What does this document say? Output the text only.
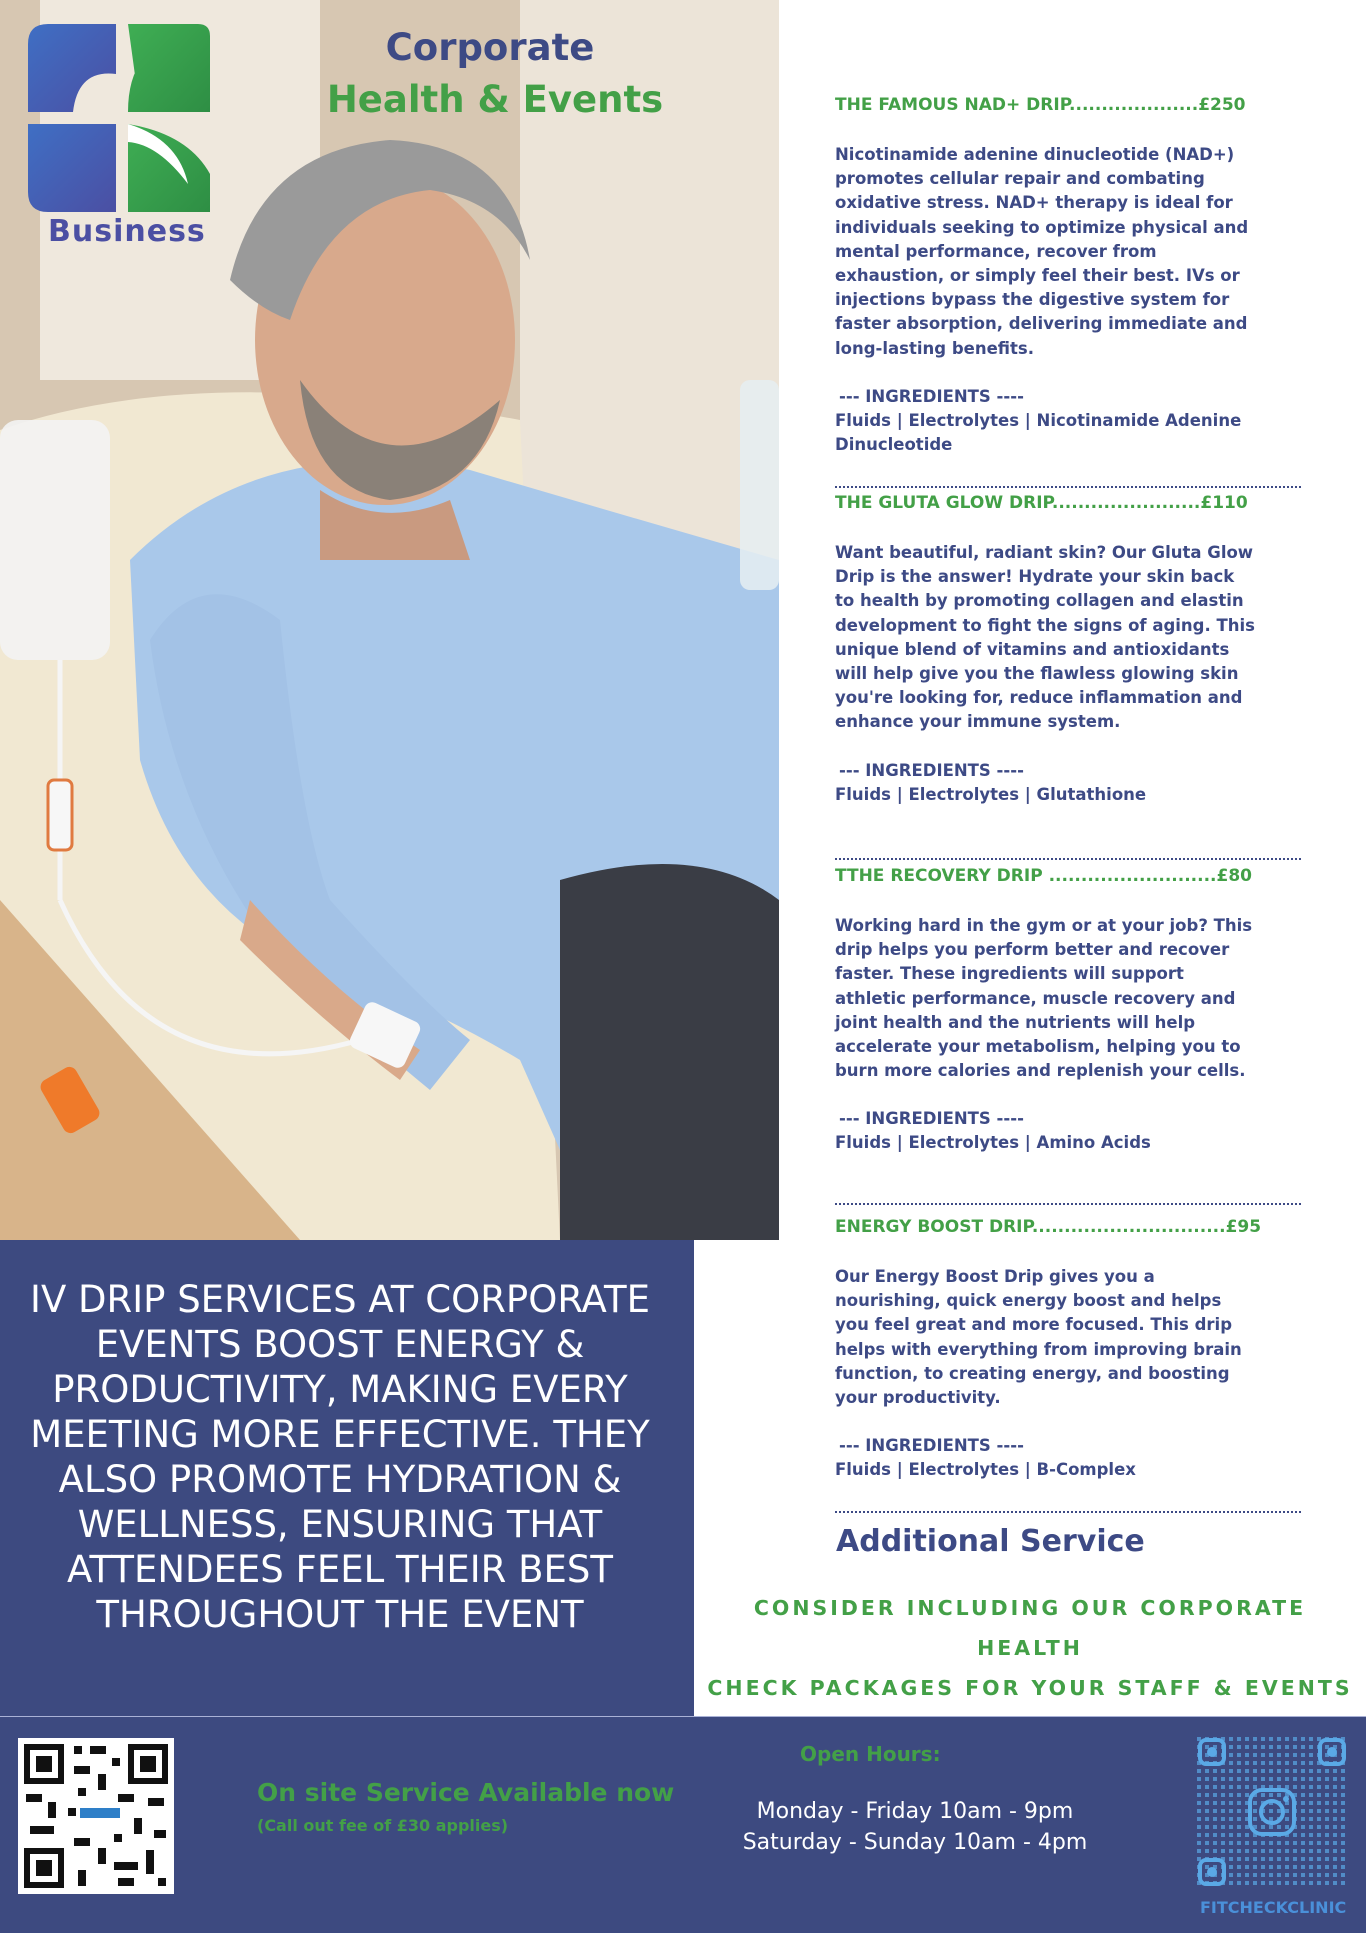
Business
Corporate
Health & Events	THE FAMOUS NAD+ DRIP....................£250
Nicotinamide adenine dinucleotide (NAD+) promotes cellular repair and combating oxidative stress. NAD+ therapy is ideal for individuals seeking to optimize physical and mental performance, recover from exhaustion, or simply feel their best. IVs or injections bypass the digestive system for faster absorption, delivering immediate and long-lasting benefits.
--- INGREDIENTS ----
Fluids | Electrolytes | Nicotinamide Adenine Dinucleotide
THE GLUTA GLOW DRIP.......................£110
Want beautiful, radiant skin? Our Gluta Glow Drip is the answer! Hydrate your skin back to health by promoting collagen and elastin development to fight the signs of aging. This unique blend of vitamins and antioxidants will help give you the flawless glowing skin you're looking for, reduce inflammation and enhance your immune system.
--- INGREDIENTS ----
Fluids | Electrolytes | Glutathione
TTHE RECOVERY DRIP ..........................£80
Working hard in the gym or at your job? This drip helps you perform better and recover faster. These ingredients will support athletic performance, muscle recovery and joint health and the nutrients will help accelerate your metabolism, helping you to burn more calories and replenish your cells.
--- INGREDIENTS ----
Fluids | Electrolytes | Amino Acids
ENERGY BOOST DRIP..............................£95
Our Energy Boost Drip gives you a nourishing, quick energy boost and helps you feel great and more focused. This drip helps with everything from improving brain function, to creating energy, and boosting your productivity.
--- INGREDIENTS ----
Fluids | Electrolytes | B-Complex
IV DRIP SERVICES AT CORPORATE EVENTS BOOST ENERGY & PRODUCTIVITY, MAKING EVERY MEETING MORE EFFECTIVE. THEY ALSO PROMOTE HYDRATION & WELLNESS, ENSURING THAT ATTENDEES FEEL THEIR BEST THROUGHOUT THE EVENT
Additional Service
CONSIDER INCLUDING OUR CORPORATE HEALTH
CHECK PACKAGES FOR YOUR STAFF & EVENTS
On site Service Available now
(Call out fee of £30 applies)
Open Hours:
Monday - Friday 10am - 9pm
Saturday - Sunday 10am - 4pm
FITCHECKCLINIC
